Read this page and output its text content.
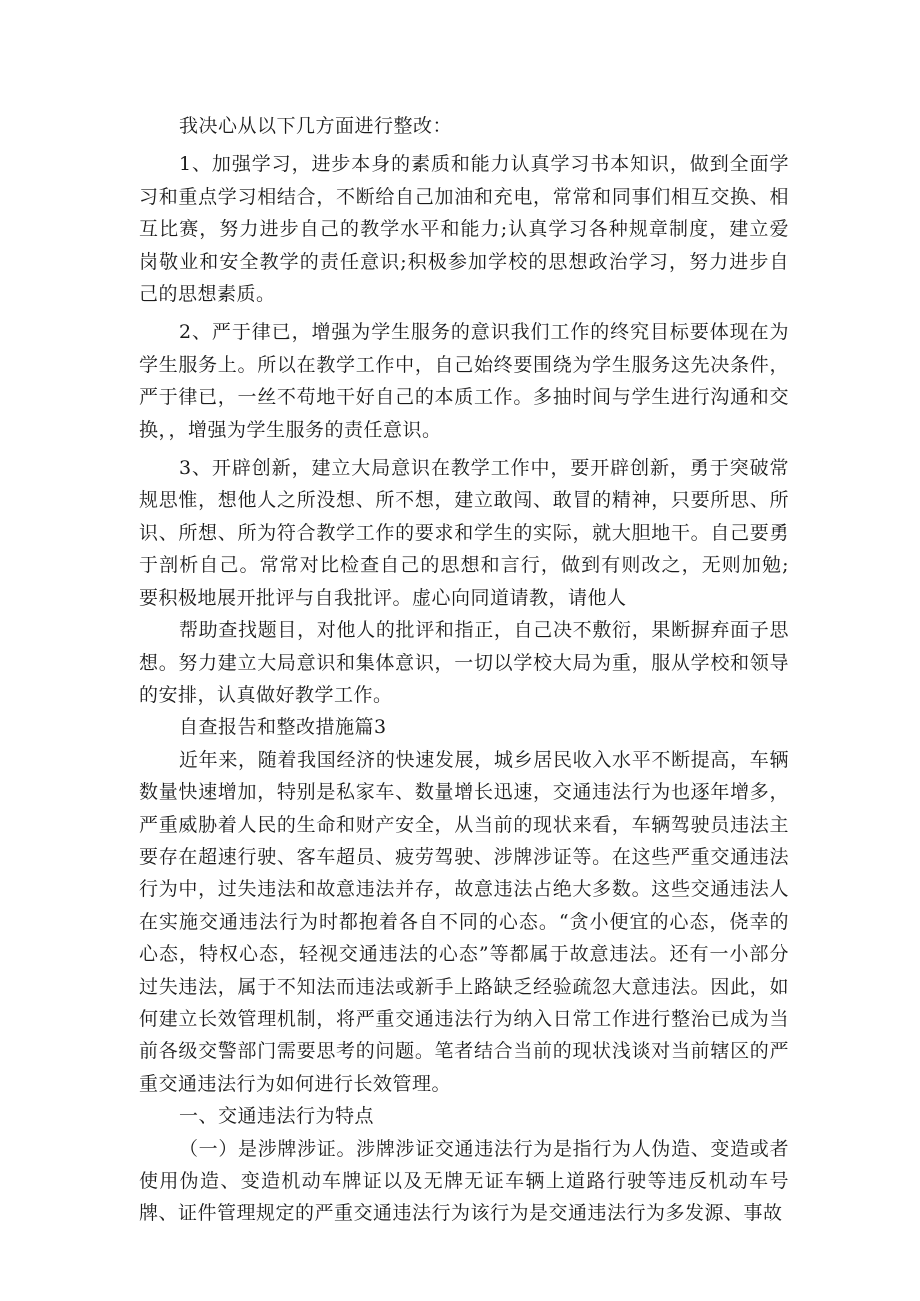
我决心从以下几方面进行整改：

1、加强学习，进步本身的素质和能力认真学习书本知识，做到全面学习和重点学习相结合，不断给自己加油和充电，常常和同事们相互交换、相互比赛，努力进步自己的教学水平和能力;认真学习各种规章制度，建立爱岗敬业和安全教学的责任意识;积极参加学校的思想政治学习，努力进步自己的思想素质。

2、严于律已，增强为学生服务的意识我们工作的终究目标要体现在为学生服务上。所以在教学工作中，自己始终要围绕为学生服务这先决条件，严于律已，一丝不苟地干好自己的本质工作。多抽时间与学生进行沟通和交换，，增强为学生服务的责任意识。

3、开辟创新，建立大局意识在教学工作中，要开辟创新，勇于突破常规思惟，想他人之所没想、所不想，建立敢闯、敢冒的精神，只要所思、所识、所想、所为符合教学工作的要求和学生的实际，就大胆地干。自己要勇于剖析自己。常常对比检查自己的思想和言行，做到有则改之，无则加勉;要积极地展开批评与自我批评。虚心向同道请教，请他人

帮助查找题目，对他人的批评和指正，自己决不敷衍，果断摒弃面子思想。努力建立大局意识和集体意识，一切以学校大局为重，服从学校和领导的安排，认真做好教学工作。

自查报告和整改措施篇3

近年来，随着我国经济的快速发展，城乡居民收入水平不断提高，车辆数量快速增加，特别是私家车、数量增长迅速，交通违法行为也逐年增多，严重威胁着人民的生命和财产安全，从当前的现状来看，车辆驾驶员违法主要存在超速行驶、客车超员、疲劳驾驶、涉牌涉证等。在这些严重交通违法行为中，过失违法和故意违法并存，故意违法占绝大多数。这些交通违法人在实施交通违法行为时都抱着各自不同的心态。“贪小便宜的心态，侥幸的心态，特权心态，轻视交通违法的心态”等都属于故意违法。还有一小部分过失违法，属于不知法而违法或新手上路缺乏经验疏忽大意违法。因此，如何建立长效管理机制，将严重交通违法行为纳入日常工作进行整治已成为当前各级交警部门需要思考的问题。笔者结合当前的现状浅谈对当前辖区的严重交通违法行为如何进行长效管理。

一、交通违法行为特点

（一）是涉牌涉证。涉牌涉证交通违法行为是指行为人伪造、变造或者使用伪造、变造机动车牌证以及无牌无证车辆上道路行驶等违反机动车号牌、证件管理规定的严重交通违法行为该行为是交通违法行为多发源、事故
